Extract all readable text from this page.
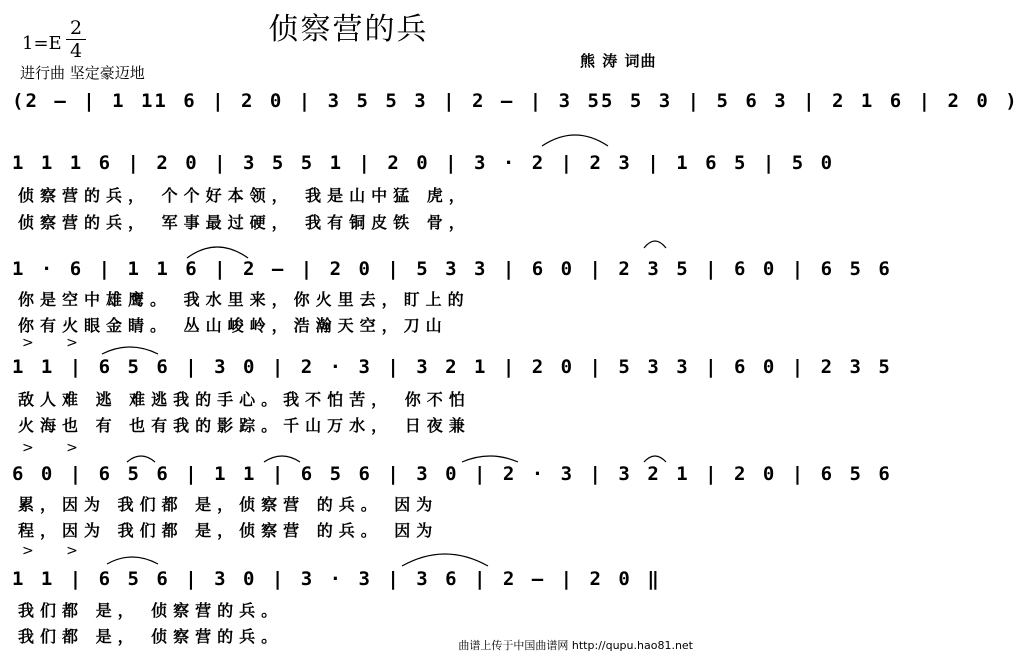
侦察营的兵
1=E
2
4
进行曲 坚定豪迈地
熊 涛 词曲
(2 – | 1 11 6 | 2 0 | 3 5 5 3 | 2 – | 3 55 5 3 | 5 6 3 | 2 1 6 | 2 0 )
1 1 1 6 | 2 0 | 3 5 5 1 | 2 0 | 3 · 2 | 2 3 | 1 6 5 | 5 0
侦察营的兵， 个个好本领， 我是山中猛 虎，
侦察营的兵， 军事最过硬， 我有铜皮铁 骨，
1 · 6 | 1 1 6 | 2 – | 2 0 | 5 3 3 | 6 0 | 2 3 5 | 6 0 | 6 5 6
你是空中雄鹰。 我水里来，你火里去，盯上的
你有火眼金睛。 丛山峻岭，浩瀚天空，刀山
> >
1 1 | 6 5 6 | 3 0 | 2 · 3 | 3 2 1 | 2 0 | 5 3 3 | 6 0 | 2 3 5
敌人难 逃 难逃我的手心。我不怕苦， 你不怕
火海也 有 也有我的影踪。千山万水， 日夜兼
> >
6 0 | 6 5 6 | 1 1 | 6 5 6 | 3 0 | 2 · 3 | 3 2 1 | 2 0 | 6 5 6
累，因为 我们都 是，侦察营 的兵。 因为
程，因为 我们都 是，侦察营 的兵。 因为
> >
1 1 | 6 5 6 | 3 0 | 3 · 3 | 3 6 | 2 – | 2 0 ‖
我们都 是， 侦察营的兵。
我们都 是， 侦察营的兵。	曲谱上传于中国曲谱网 http://qupu.hao81.net
